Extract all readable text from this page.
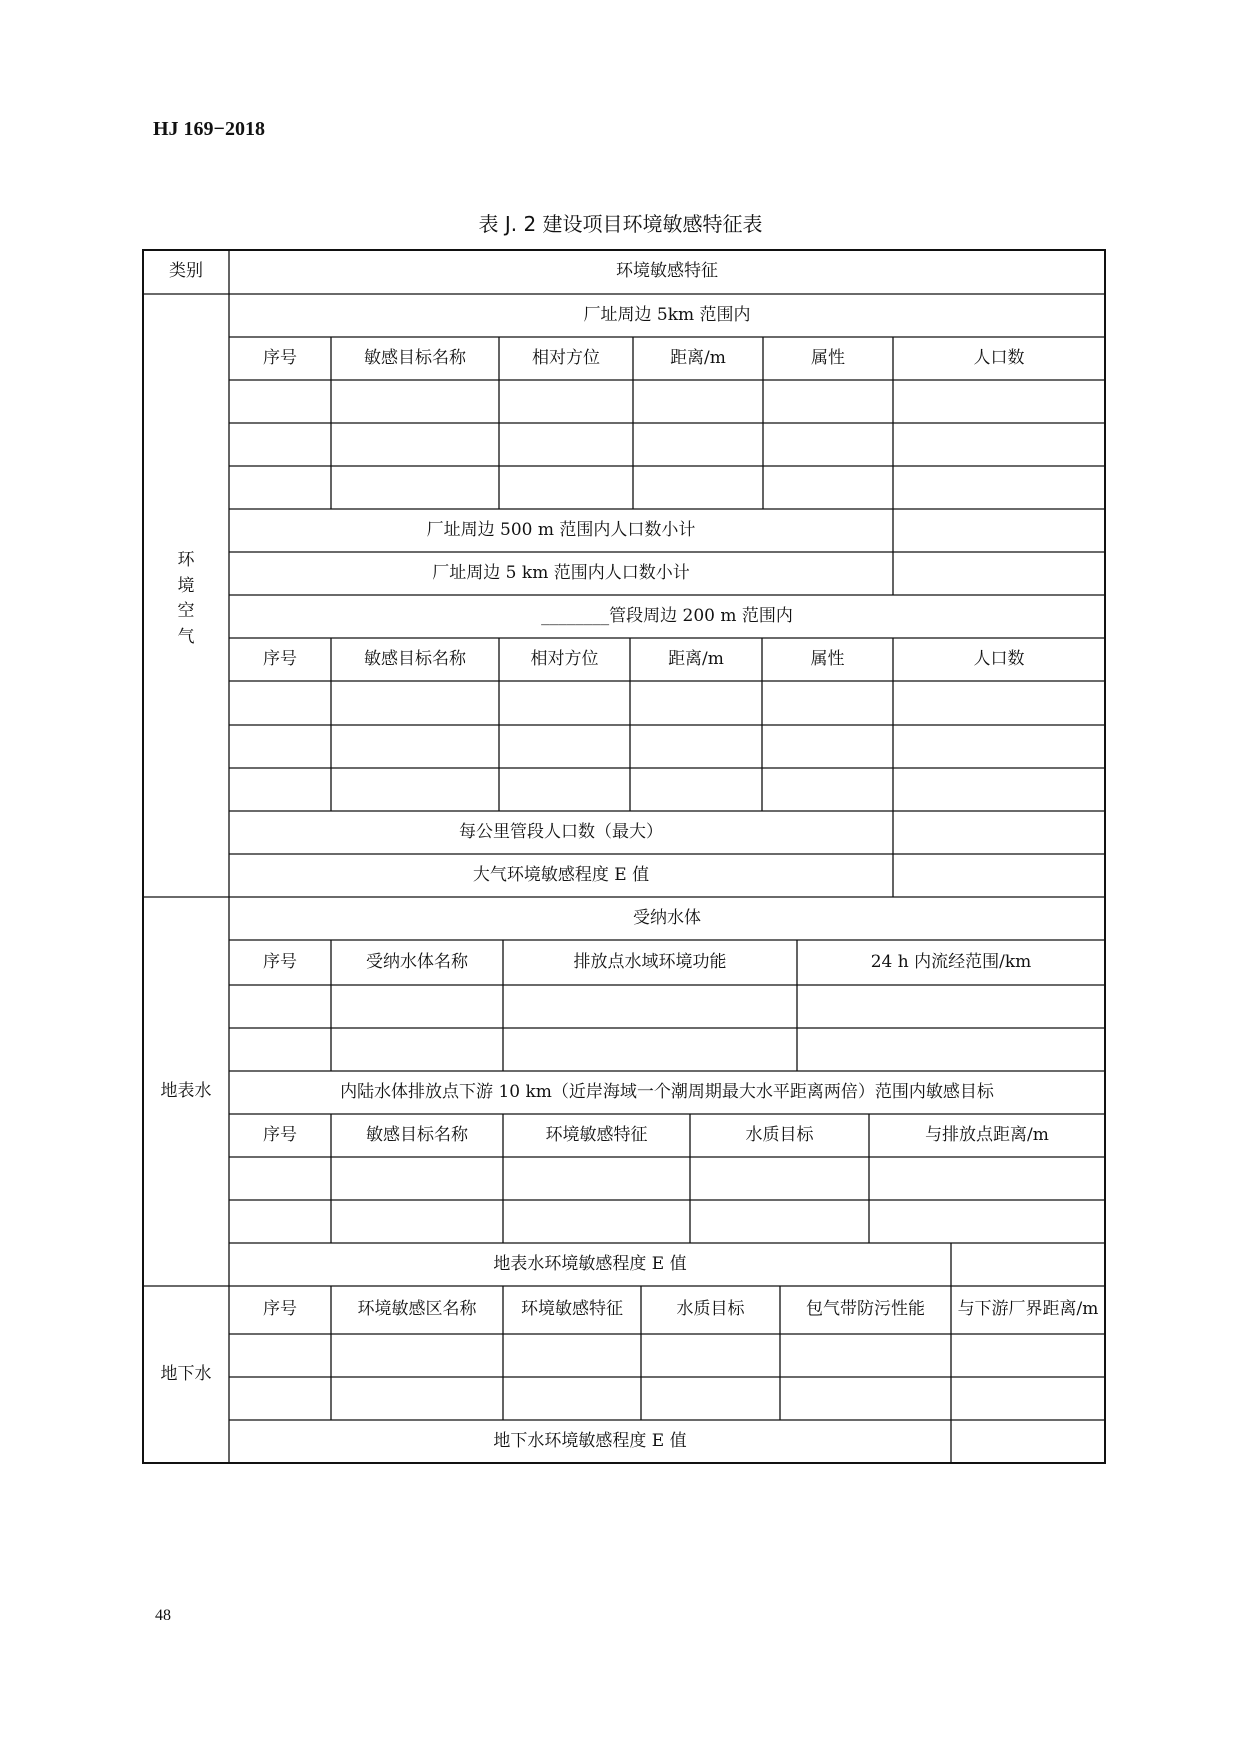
HJ 169−2018
表 J. 2 建设项目环境敏感特征表
类别	环境敏感特征
环境空气
厂址周边 5km 范围内
序号	敏感目标名称	相对方位	距离/m	属性	人口数
厂址周边 500 m 范围内人口数小计
厂址周边 5 km 范围内人口数小计
________管段周边 200 m 范围内
序号	敏感目标名称	相对方位	距离/m	属性	人口数
每公里管段人口数（最大）
大气环境敏感程度 E 值
地表水
受纳水体
序号	受纳水体名称	排放点水域环境功能	24 h 内流经范围/km
内陆水体排放点下游 10 km（近岸海域一个潮周期最大水平距离两倍）范围内敏感目标
序号	敏感目标名称	环境敏感特征	水质目标	与排放点距离/m
地表水环境敏感程度 E 值
地下水
序号	环境敏感区名称	环境敏感特征	水质目标	包气带防污性能	与下游厂界距离/m
地下水环境敏感程度 E 值
48
